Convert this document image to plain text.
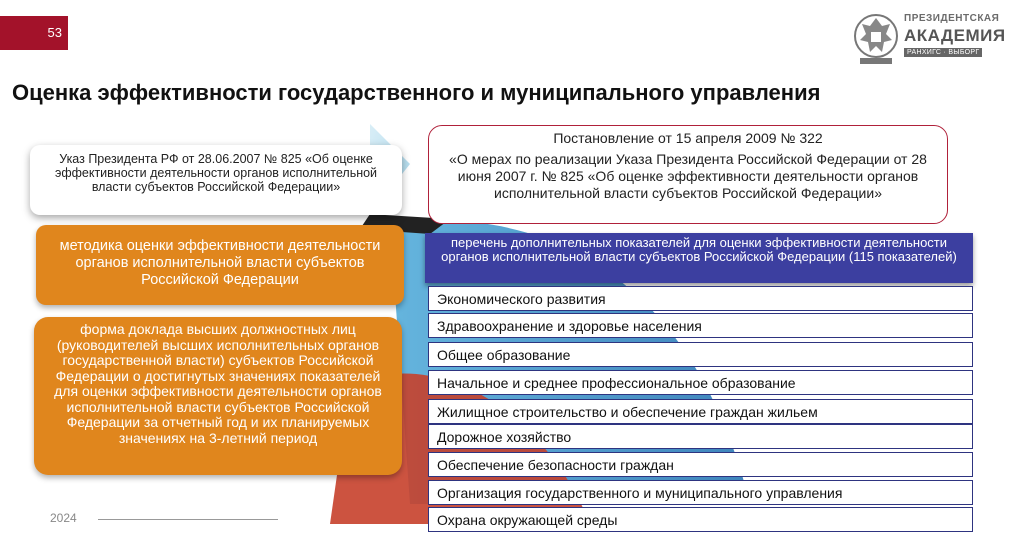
53
ПРЕЗИДЕНТСКАЯ
АКАДЕМИЯ
РАНХИГС · ВЫБОРГ
Оценка эффективности государственного и муниципального управления
Указ Президента РФ от 28.06.2007 № 825 «Об оценке эффективности деятельности органов исполнительной власти субъектов Российской Федерации»
Постановление от 15 апреля 2009 № 322
«О мерах по реализации Указа Президента Российской Федерации от 28 июня 2007 г. № 825 «Об оценке эффективности деятельности органов исполнительной власти субъектов Российской Федерации»
методика оценки эффективности деятельности органов исполнительной власти субъектов Российской Федерации
форма доклада высших должностных лиц (руководителей высших исполнительных органов государственной власти) субъектов Российской Федерации о достигнутых значениях показателей для оценки эффективности деятельности органов исполнительной власти субъектов Российской Федерации за отчетный год и их планируемых значениях на 3-летний период
перечень дополнительных показателей для оценки эффективности деятельности органов исполнительной власти субъектов Российской Федерации (115 показателей)
Экономического развития
Здравоохранение и здоровье населения
Общее образование
Начальное и среднее профессиональное образование
Жилищное строительство и обеспечение граждан жильем
Дорожное хозяйство
Обеспечение безопасности граждан
Организация государственного и муниципального управления
Охрана окружающей среды
2024
